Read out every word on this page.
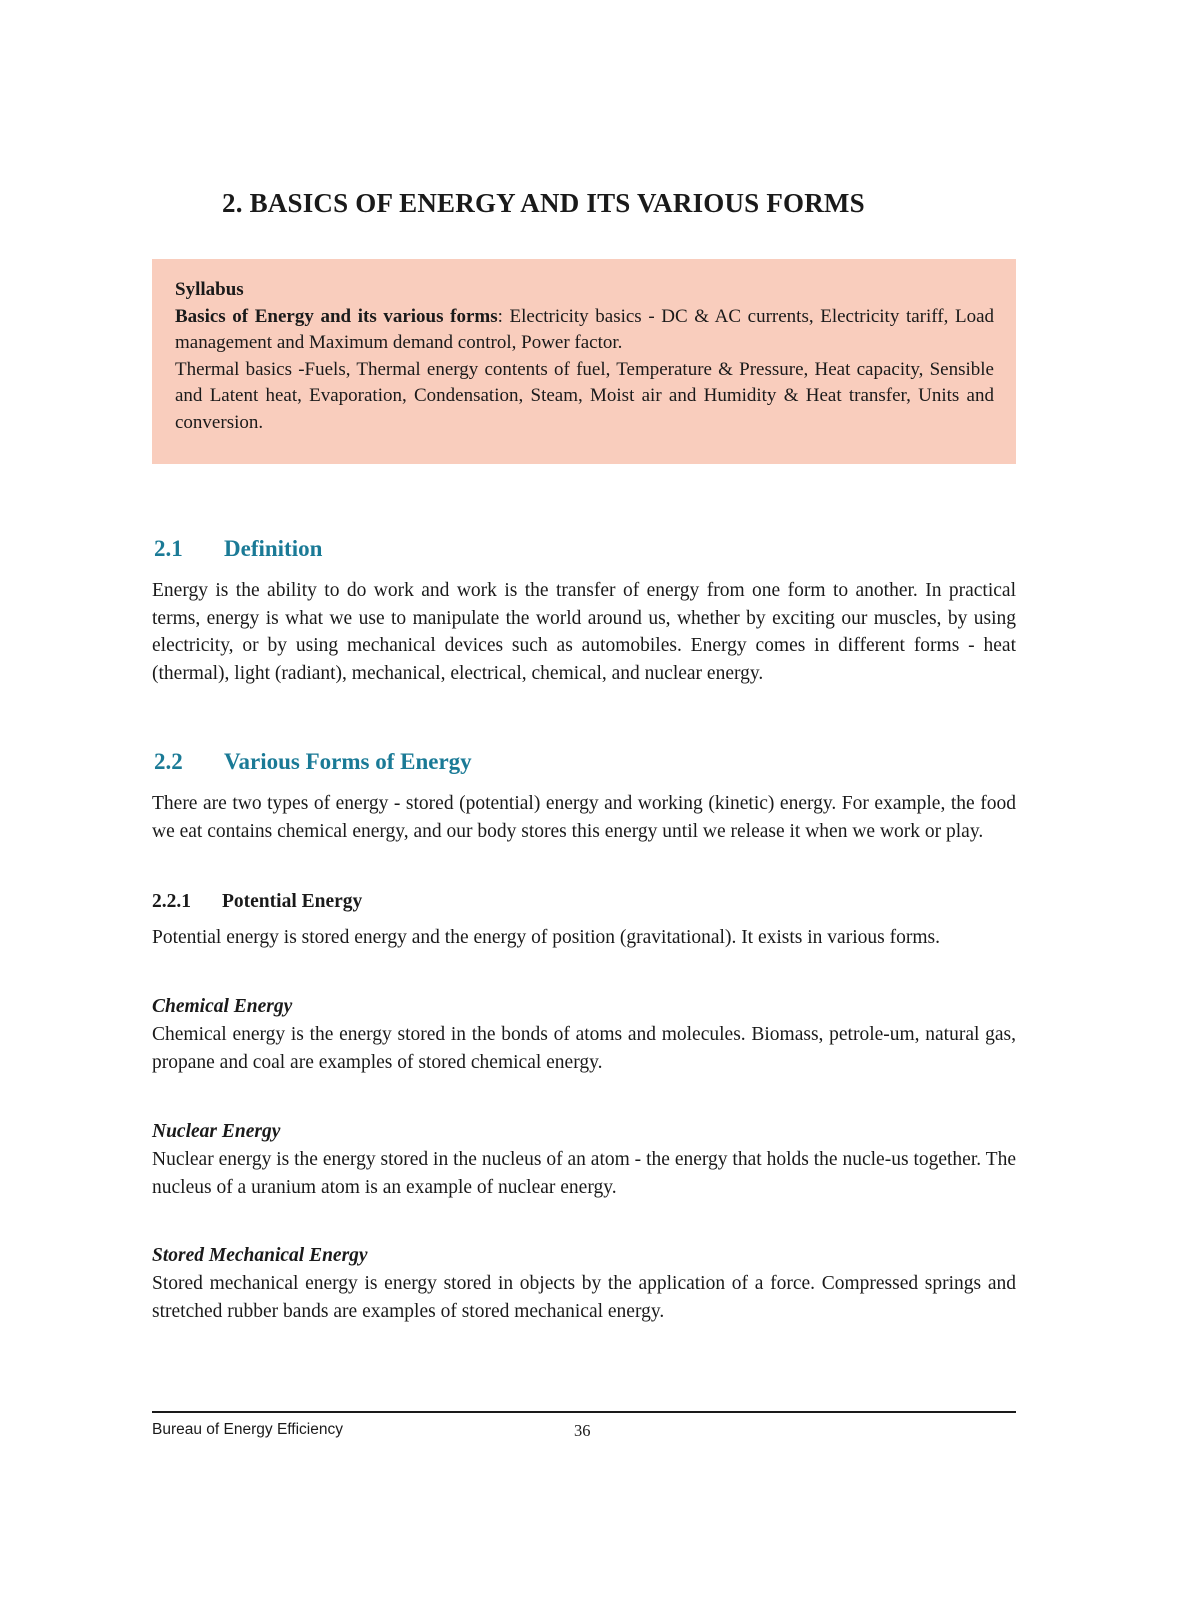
2. BASICS OF ENERGY AND ITS VARIOUS FORMS

Syllabus

Basics of Energy and its various forms: Electricity basics - DC & AC currents, Electricity tariff, Load management and Maximum demand control, Power factor.

Thermal basics -Fuels, Thermal energy contents of fuel, Temperature & Pressure, Heat capacity, Sensible and Latent heat, Evaporation, Condensation, Steam, Moist air and Humidity & Heat transfer, Units and conversion.

2.1 Definition

Energy is the ability to do work and work is the transfer of energy from one form to another. In practical terms, energy is what we use to manipulate the world around us, whether by exciting our muscles, by using electricity, or by using mechanical devices such as automobiles. Energy comes in different forms - heat (thermal), light (radiant), mechanical, electrical, chemical, and nuclear energy.

2.2 Various Forms of Energy

There are two types of energy - stored (potential) energy and working (kinetic) energy. For example, the food we eat contains chemical energy, and our body stores this energy until we release it when we work or play.

2.2.1 Potential Energy

Potential energy is stored energy and the energy of position (gravitational). It exists in various forms.

Chemical Energy

Chemical energy is the energy stored in the bonds of atoms and molecules. Biomass, petrole-um, natural gas, propane and coal are examples of stored chemical energy.

Nuclear Energy

Nuclear energy is the energy stored in the nucleus of an atom - the energy that holds the nucle-us together. The nucleus of a uranium atom is an example of nuclear energy.

Stored Mechanical Energy

Stored mechanical energy is energy stored in objects by the application of a force. Compressed springs and stretched rubber bands are examples of stored mechanical energy.

Bureau of Energy Efficiency	36
